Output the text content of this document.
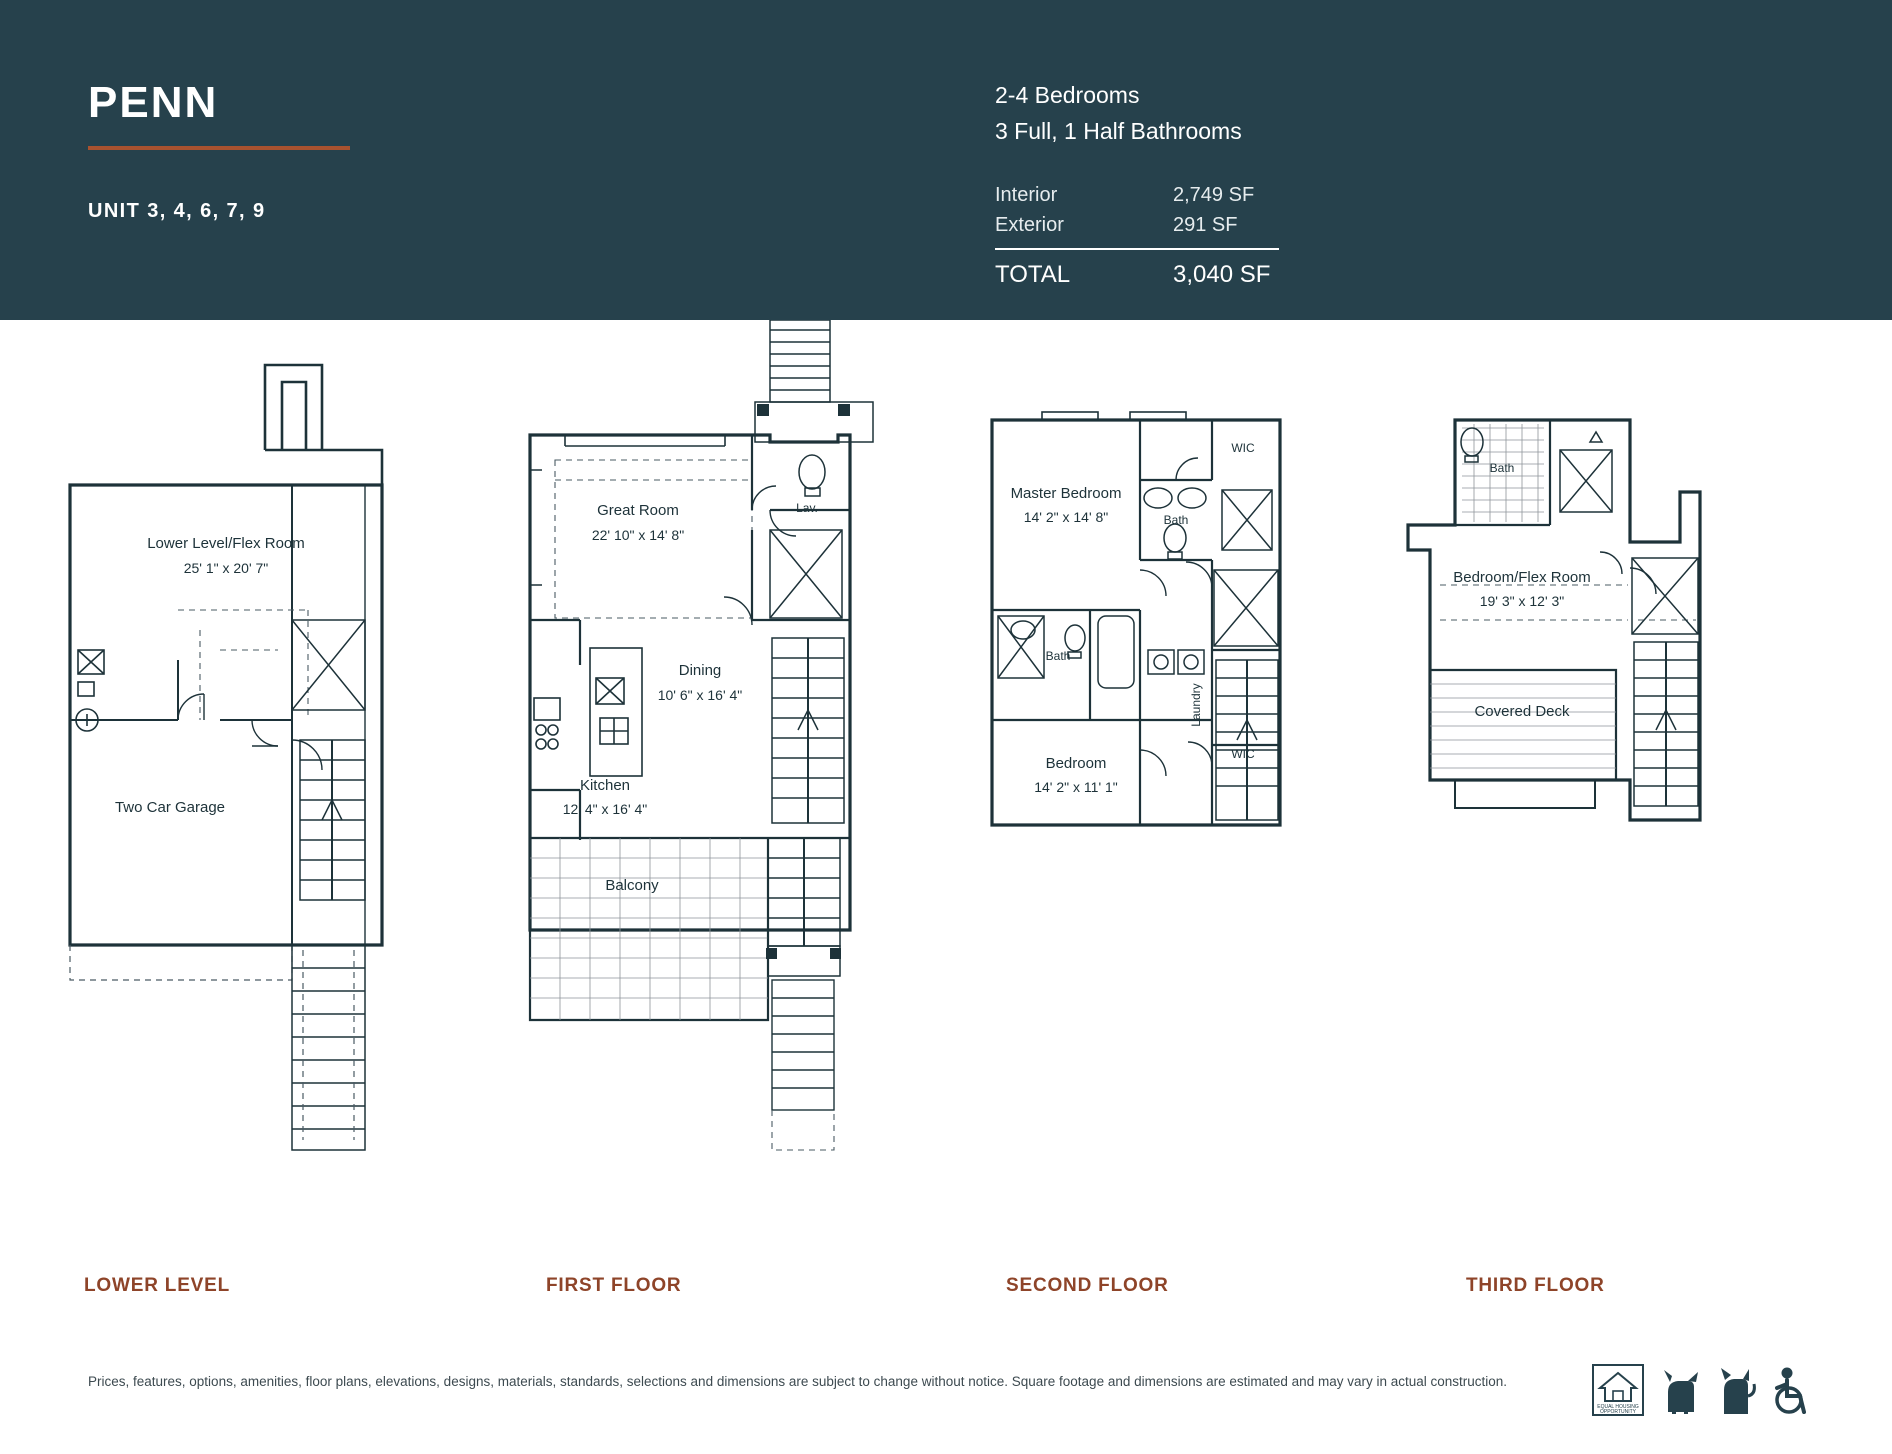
PENN
UNIT 3, 4, 6, 7, 9
2-4 Bedrooms
3 Full, 1 Half Bathrooms
Interior	2,749 SF
Exterior	291 SF
TOTAL	3,040 SF
Lower Level/Flex Room
25' 1" x 20' 7"
Two Car Garage
LOWER LEVEL
Great Room
22' 10" x 14' 8"
Lav.
Dining
10' 6" x 16' 4"
Kitchen
12' 4" x 16' 4"
Balcony
FIRST FLOOR
Master Bedroom
14' 2" x 14' 8"	Bath
WIC
WIC
Bath
Laundry
Bedroom
14' 2" x 11' 1"
SECOND FLOOR
Bath
Bedroom/Flex Room
19' 3" x 12' 3"
Covered Deck
THIRD FLOOR
Prices, features, options, amenities, floor plans, elevations, designs, materials, standards, selections and dimensions are subject to change without notice. Square footage and dimensions are estimated and may vary in actual construction.
EQUAL HOUSING
OPPORTUNITY
